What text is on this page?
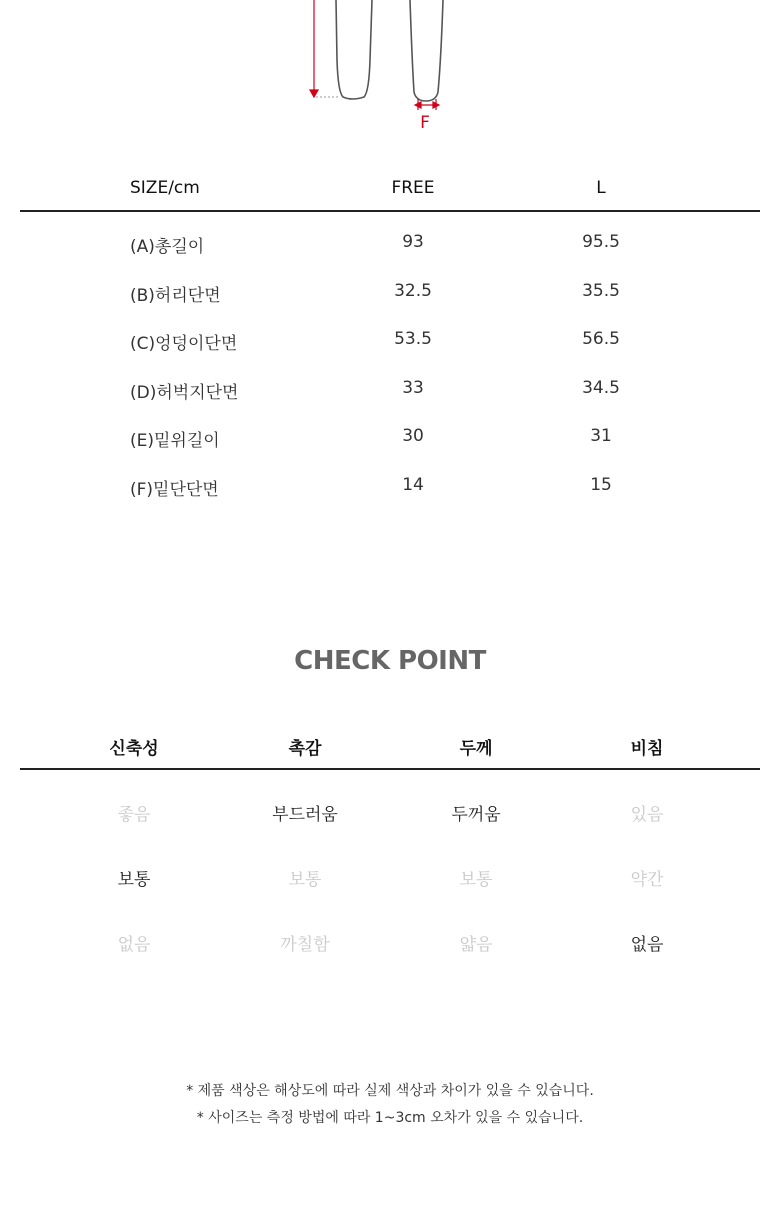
F
SIZE/cm	FREE	L
(A)총길이	93	95.5
(B)허리단면	32.5	35.5
(C)엉덩이단면	53.5	56.5
(D)허벅지단면	33	34.5
(E)밑위길이	30	31
(F)밑단단면	14	15
CHECK POINT
신축성	촉감	두께	비침
좋음	부드러움	두꺼움	있음
보통	보통	보통	약간
없음	까칠함	얇음	없음
* 제품 색상은 해상도에 따라 실제 색상과 차이가 있을 수 있습니다.
* 사이즈는 측정 방법에 따라 1~3cm 오차가 있을 수 있습니다.
